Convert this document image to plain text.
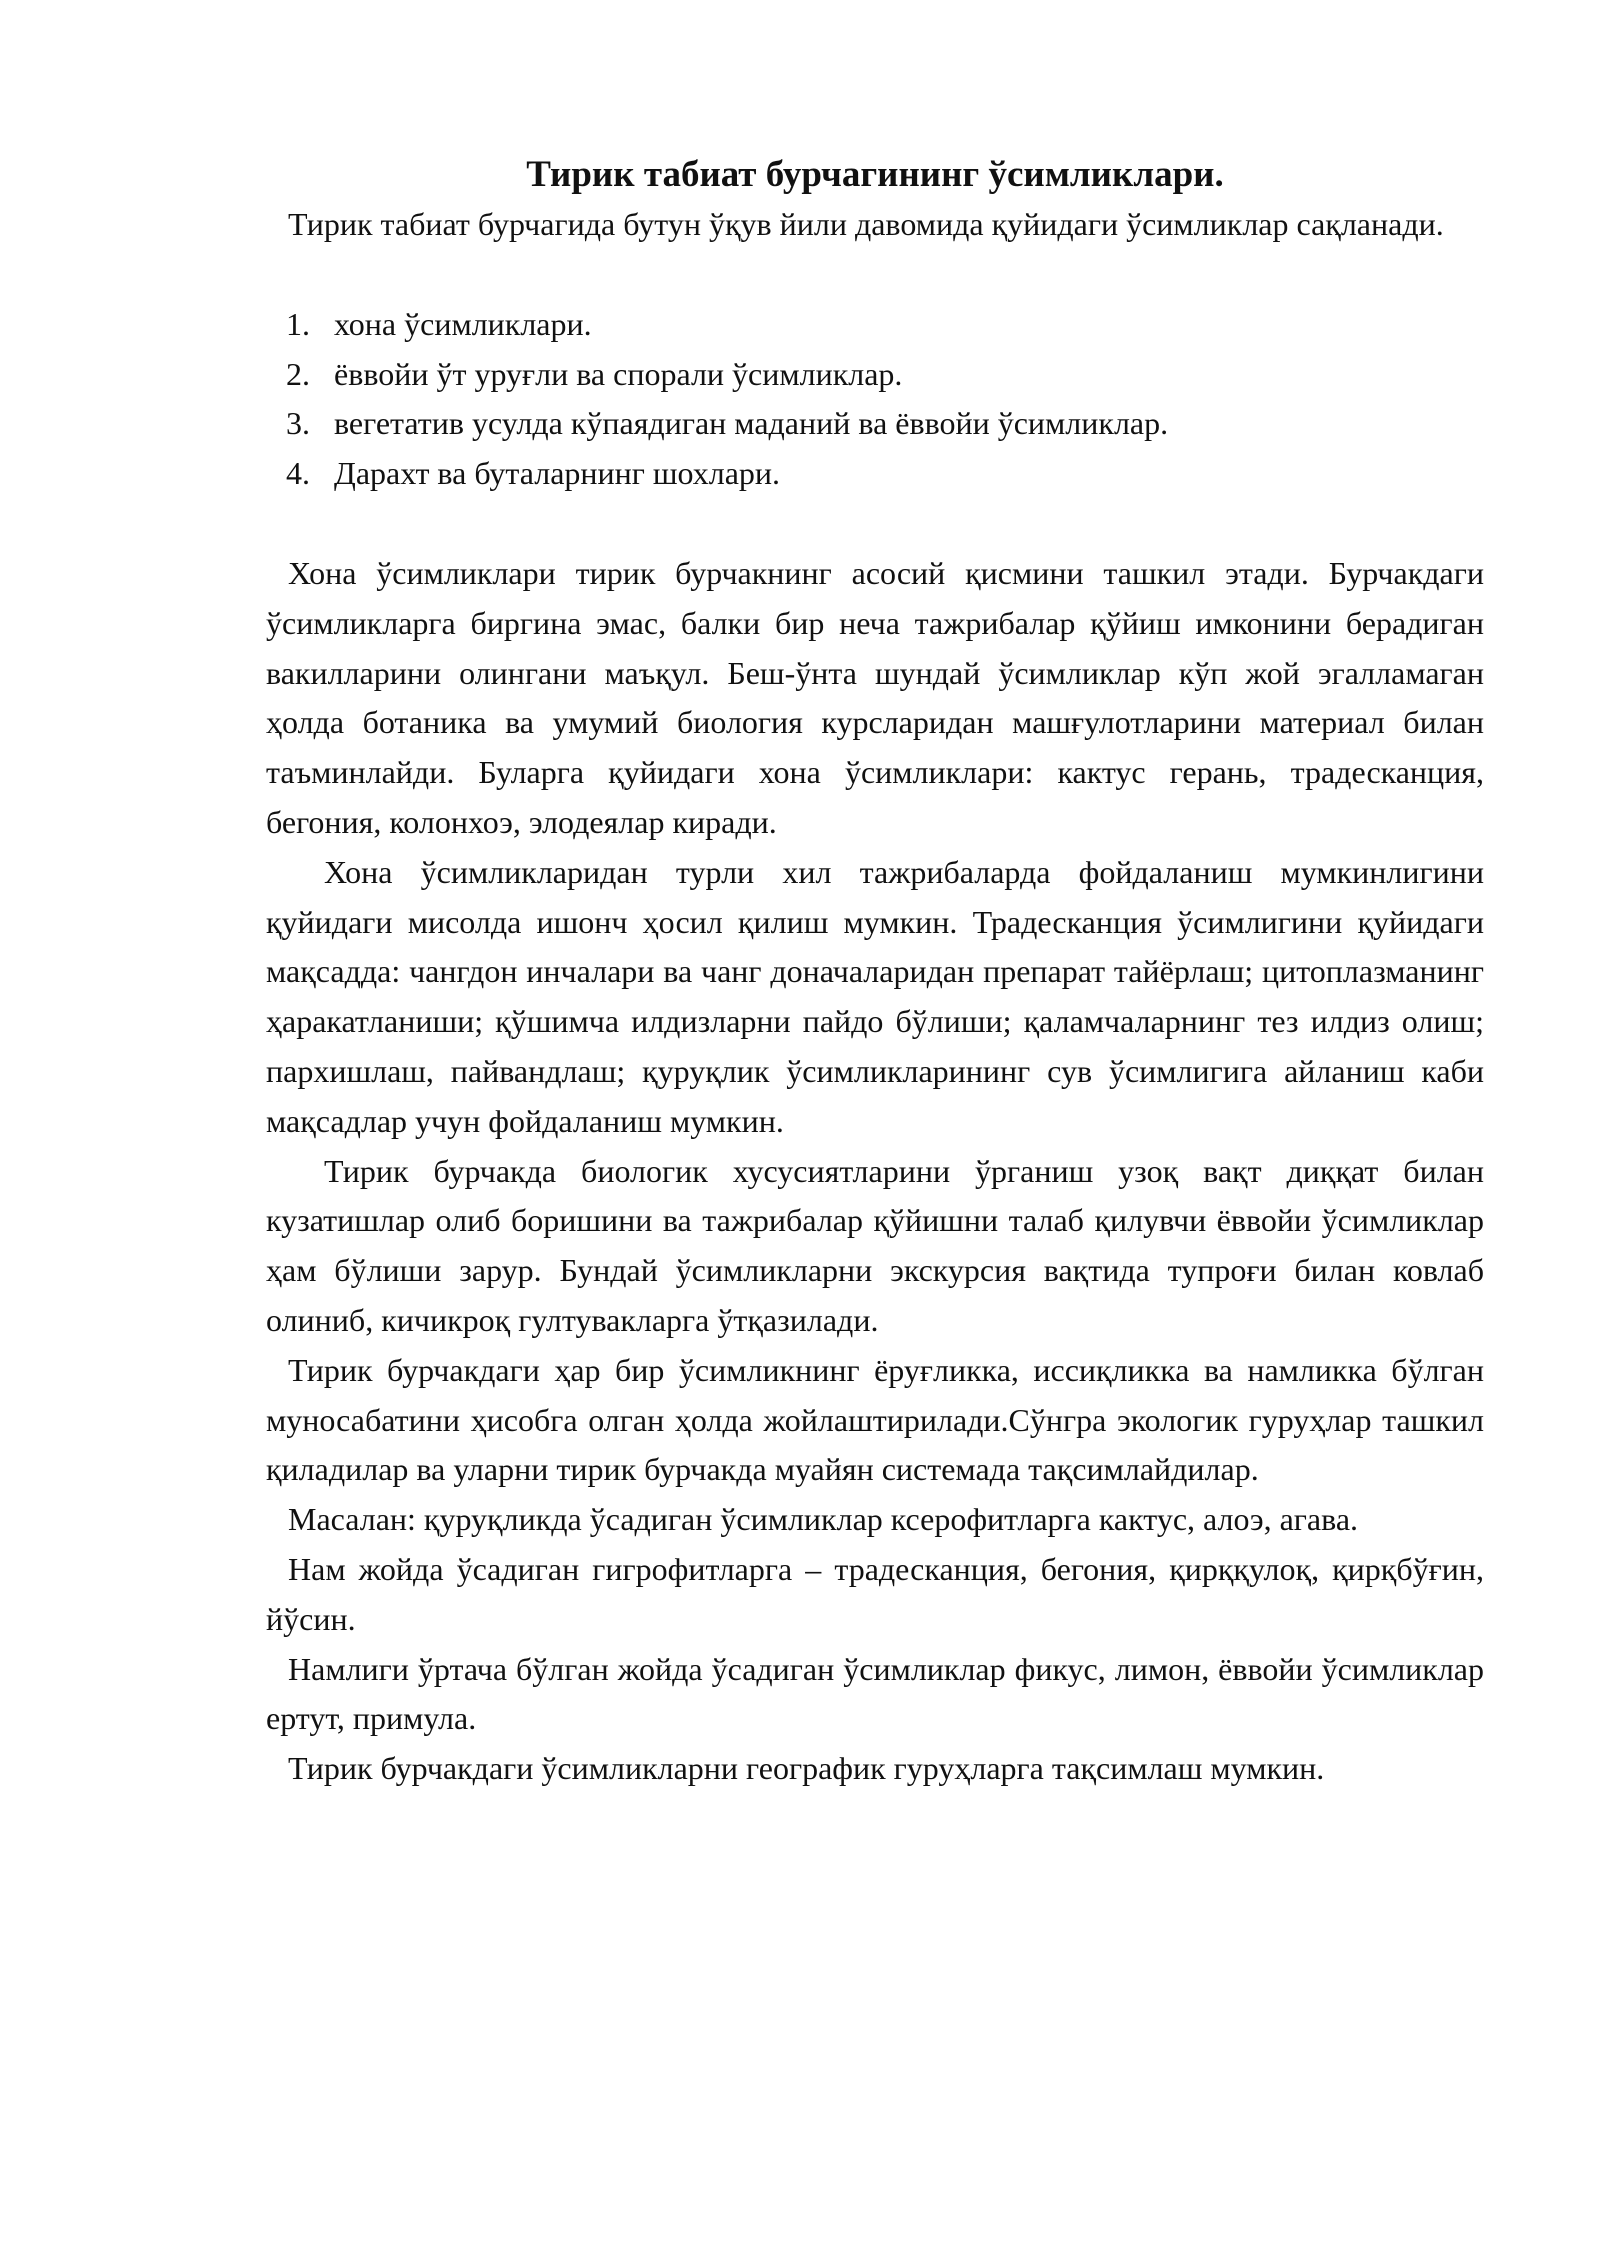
Тирик табиат бурчагининг ўсимликлари.

Тирик табиат бурчагида бутун ўқув йили давомида қуйидаги ўсимликлар сақланади.

1. хона ўсимликлари.
2. ёввойи ўт уруғли ва спорали ўсимликлар.
3. вегетатив усулда кўпаядиган маданий ва ёввойи ўсимликлар.
4. Дарахт ва буталарнинг шохлари.

Хона ўсимликлари тирик бурчакнинг асосий қисмини ташкил этади. Бурчакдаги ўсимликларга биргина эмас, балки бир неча тажрибалар қўйиш имконини берадиган вакилларини олингани маъқул. Беш-ўнта шундай ўсимликлар кўп жой эгалламаган ҳолда ботаника ва умумий биология курсларидан машғулотларини материал билан таъминлайди. Буларга қуйидаги хона ўсимликлари: кактус герань, традесканция, бегония, колонхоэ, элодеялар киради.

Хона ўсимликларидан турли хил тажрибаларда фойдаланиш мумкинлигини қуйидаги мисолда ишонч ҳосил қилиш мумкин. Традесканция ўсимлигини қуйидаги мақсадда: чангдон инчалари ва чанг доначаларидан препарат тайёрлаш; цитоплазманинг ҳаракатланиши; қўшимча илдизларни пайдо бўлиши; қаламчаларнинг тез илдиз олиш; пархишлаш, пайвандлаш; қуруқлик ўсимликларининг сув ўсимлигига айланиш каби мақсадлар учун фойдаланиш мумкин.

Тирик бурчакда биологик хусусиятларини ўрганиш узоқ вақт диққат билан кузатишлар олиб боришини ва тажрибалар қўйишни талаб қилувчи ёввойи ўсимликлар ҳам бўлиши зарур. Бундай ўсимликларни экскурсия вақтида тупроғи билан ковлаб олиниб, кичикроқ гултувакларга ўтқазилади.

Тирик бурчакдаги ҳар бир ўсимликнинг ёруғликка, иссиқликка ва намликка бўлган муносабатини ҳисобга олган ҳолда жойлаштирилади.Сўнгра экологик гуруҳлар ташкил қиладилар ва уларни тирик бурчакда муайян системада тақсимлайдилар.

Масалан: қуруқликда ўсадиган ўсимликлар ксерофитларга кактус, алоэ, агава.

Нам жойда ўсадиган гигрофитларга – традесканция, бегония, қирққулоқ, қирқбўғин, йўсин.

Намлиги ўртача бўлган жойда ўсадиган ўсимликлар фикус, лимон, ёввойи ўсимликлар ертут, примула.

Тирик бурчакдаги ўсимликларни географик гуруҳларга тақсимлаш мумкин.
